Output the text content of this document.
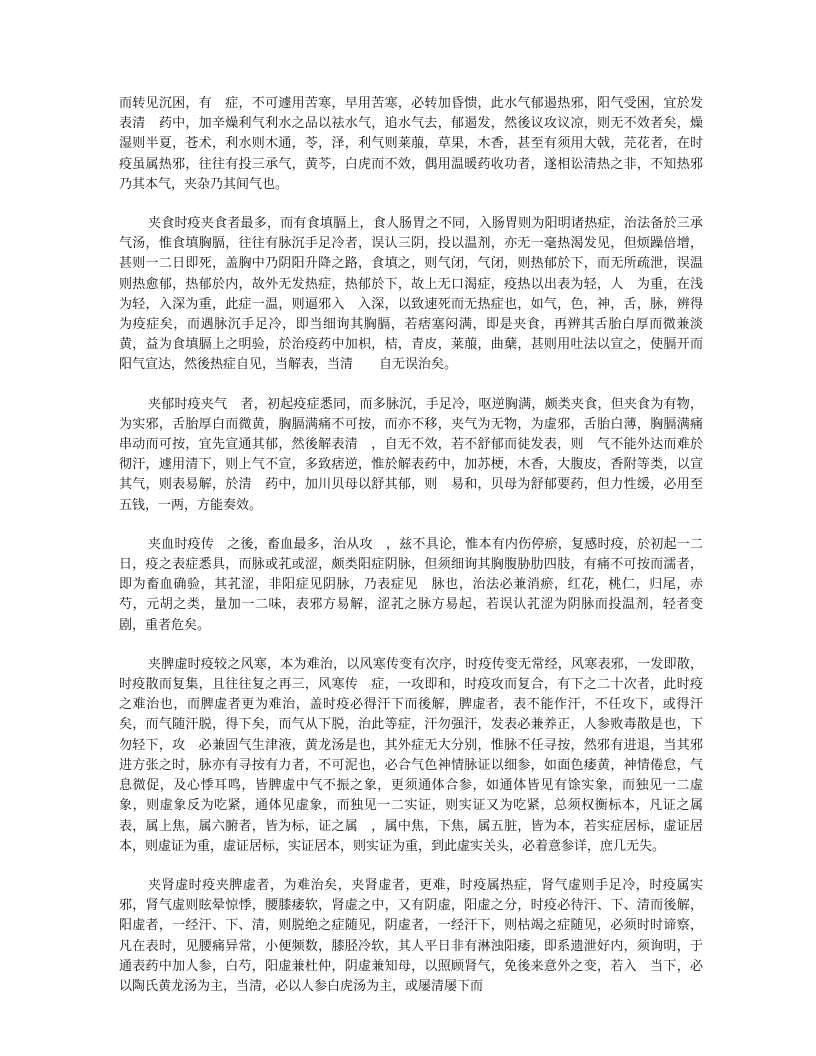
而转见沉困，有　症，不可遽用苦寒，早用苦寒，必转加昏愦，此水气郁遏热邪，阳气受困，宜於发表清　药中，加辛燥利气利水之品以祛水气，追水气去，郁遏发，然後议攻议凉，则无不效者矣，燥湿则半夏，苍术，利水则木通，苓，泽，利气则莱菔，草果，木香，甚至有须用大戟，芫花者，在时疫虽属热邪，往往有投三承气，黄芩，白虎而不效，偶用温暖药收功者，遂相讼清热之非，不知热邪乃其本气，夹杂乃其间气也。

夹食时疫夹食者最多，而有食填膈上，食人肠胃之不同，入肠胃则为阳明诸热症，治法备於三承气汤，惟食填胸膈，往往有脉沉手足冷者，误认三阴，投以温剂，亦无一毫热渴发见，但烦躁倍增，甚则一二日即死，盖胸中乃阴阳升降之路，食填之，则气闭，气闭，则热郁於下，而无所疏泄，误温则热愈郁，热郁於内，故外无发热症，热郁於下，故上无口渴症，疫热以出表为轻，人　为重，在浅为轻，入深为重，此症一温，则逼邪入　入深，以致速死而无热症也，如气，色，神，舌，脉，辨得为疫症矣，而遇脉沉手足冷，即当细询其胸膈，若痞塞闷满，即是夹食，再辨其舌胎白厚而微兼淡黄，益为食填膈上之明验，於治疫药中加枳，桔，青皮，莱菔，曲蘖，甚则用吐法以宣之，使膈开而阳气宣达，然後热症自见，当解表，当清　　自无误治矣。

夹郁时疫夹气　者，初起疫症悉同，而多脉沉，手足冷，呕逆胸满，颇类夹食，但夹食为有物，为实邪，舌胎厚白而微黄，胸膈满痛不可按，而亦不移，夹气为无物，为虚邪，舌胎白薄，胸膈满痛串动而可按，宜先宣通其郁，然後解表清　，自无不效，若不舒郁而徒发表，则　气不能外达而难於彻汗，遽用清下，则上气不宣，多致痞逆，惟於解表药中，加苏梗，木香，大腹皮，香附等类，以宣其气，则表易解，於清　药中，加川贝母以舒其郁，则　易和，贝母为舒郁要药，但力性缓，必用至五钱，一两，方能奏效。

夹血时疫传　之後，畜血最多，治从攻　，兹不具论，惟本有内伤停瘀，复感时疫，於初起一二日，疫之表症悉具，而脉或芤或涩，颇类阳症阴脉，但须细询其胸腹胁肋四肢，有痛不可按而濡者，即为畜血确验，其芤涩，非阳症见阴脉，乃表症见　脉也，治法必兼消瘀，红花，桃仁，归尾，赤芍，元胡之类，量加一二味，表邪方易解，涩芤之脉方易起，若误认芤涩为阴脉而投温剂，轻者变剧，重者危矣。

夹脾虚时疫较之风寒，本为难治，以风寒传变有次序，时疫传变无常经，风寒表邪，一发即散，时疫散而复集，且往往复之再三，风寒传　症，一攻即和，时疫攻而复合，有下之二十次者，此时疫之难治也，而脾虚者更为难治，盖时疫必得汗下而後解，脾虚者，表不能作汗，不任攻下，或得汗矣，而气随汗脱，得下矣，而气从下脱，治此等症，汗勿强汗，发表必兼养正，人参败毒散是也，下勿轻下，攻　必兼固气生津液，黄龙汤是也，其外症无大分别，惟脉不任寻按，然邪有进退，当其邪进方张之时，脉亦有寻按有力者，不可泥也，必合气色神情脉证以细参，如面色痿黄，神情倦怠，气息微促，及心悸耳鸣，皆脾虚中气不振之象，更须通体合参，如通体皆见有馀实象，而独见一二虚象，则虚象反为吃紧，通体见虚象，而独见一二实证，则实证又为吃紧，总须权衡标本，凡证之属表，属上焦，属六腑者，皆为标，证之属　，属中焦，下焦，属五脏，皆为本，若实症居标，虚证居本，则虚证为重，虚证居标，实证居本，则实证为重，到此虚实关头，必着意参详，庶几无失。

夹肾虚时疫夹脾虚者，为难治矣，夹肾虚者，更难，时疫属热症，肾气虚则手足冷，时疫属实邪，肾气虚则眩晕惊悸，腰膝痿软，肾虚之中，又有阴虚，阳虚之分，时疫必待汗、下、清而後解，阳虚者，一经汗、下、清，则脱绝之症随见，阴虚者，一经汗下，则枯竭之症随见，必须时时谛察，凡在表时，见腰痛异常，小便频数，膝胫冷软，其人平日非有淋浊阳痿，即系遗泄好内，须询明，于通表药中加人参，白芍，阳虚兼杜仲，阴虚兼知母，以照顾肾气，免後来意外之变，若入　当下，必以陶氏黄龙汤为主，当清，必以人参白虎汤为主，或屡清屡下而
